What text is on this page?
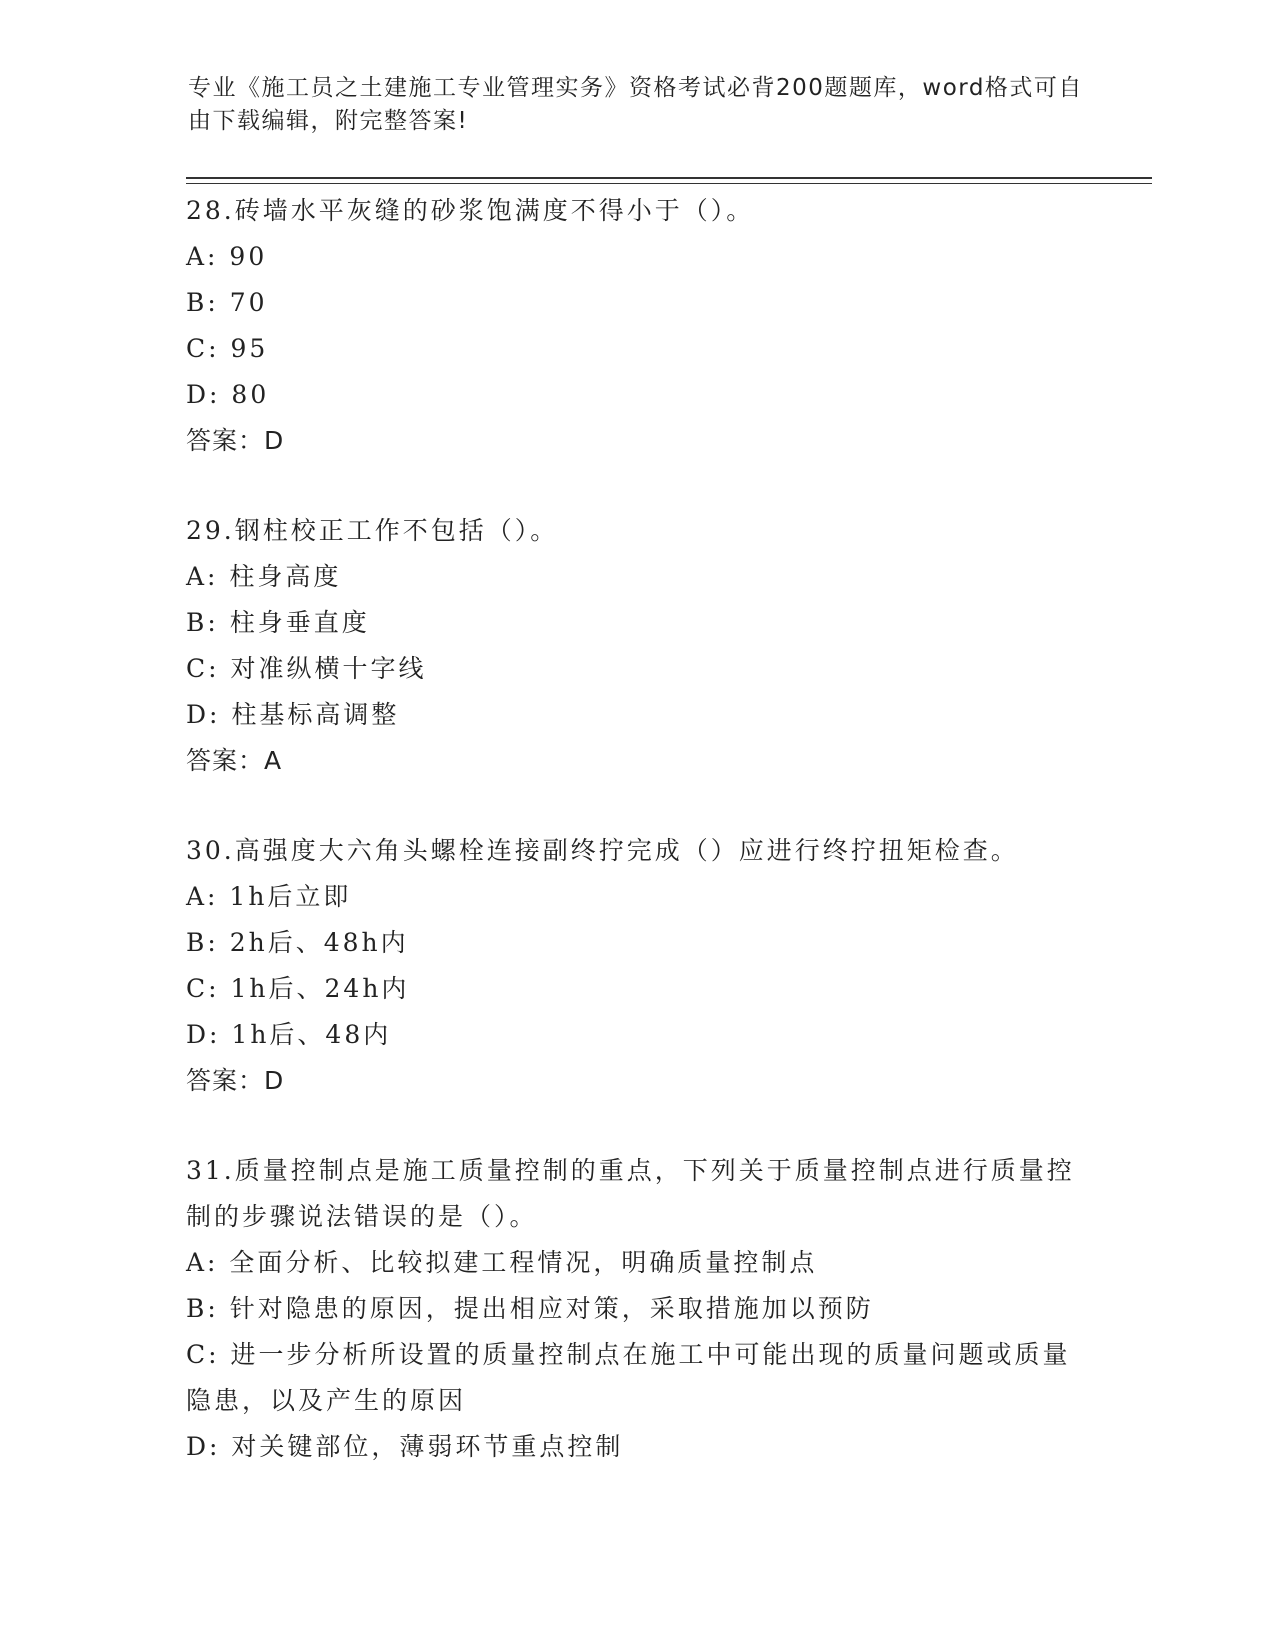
专业《施工员之土建施工专业管理实务》资格考试必背200题题库，word格式可自由下载编辑，附完整答案!
28.砖墙水平灰缝的砂浆饱满度不得小于（）。
A: 90
B: 70
C: 95
D: 80
答案：D
29.钢柱校正工作不包括（）。
A: 柱身高度
B: 柱身垂直度
C: 对准纵横十字线
D: 柱基标高调整
答案：A
30.高强度大六角头螺栓连接副终拧完成（）应进行终拧扭矩检查。
A: 1h后立即
B: 2h后、48h内
C: 1h后、24h内
D: 1h后、48内
答案：D
31.质量控制点是施工质量控制的重点，下列关于质量控制点进行质量控制的步骤说法错误的是（）。
A: 全面分析、比较拟建工程情况，明确质量控制点
B: 针对隐患的原因，提出相应对策，采取措施加以预防
C: 进一步分析所设置的质量控制点在施工中可能出现的质量问题或质量隐患，以及产生的原因
D: 对关键部位，薄弱环节重点控制
